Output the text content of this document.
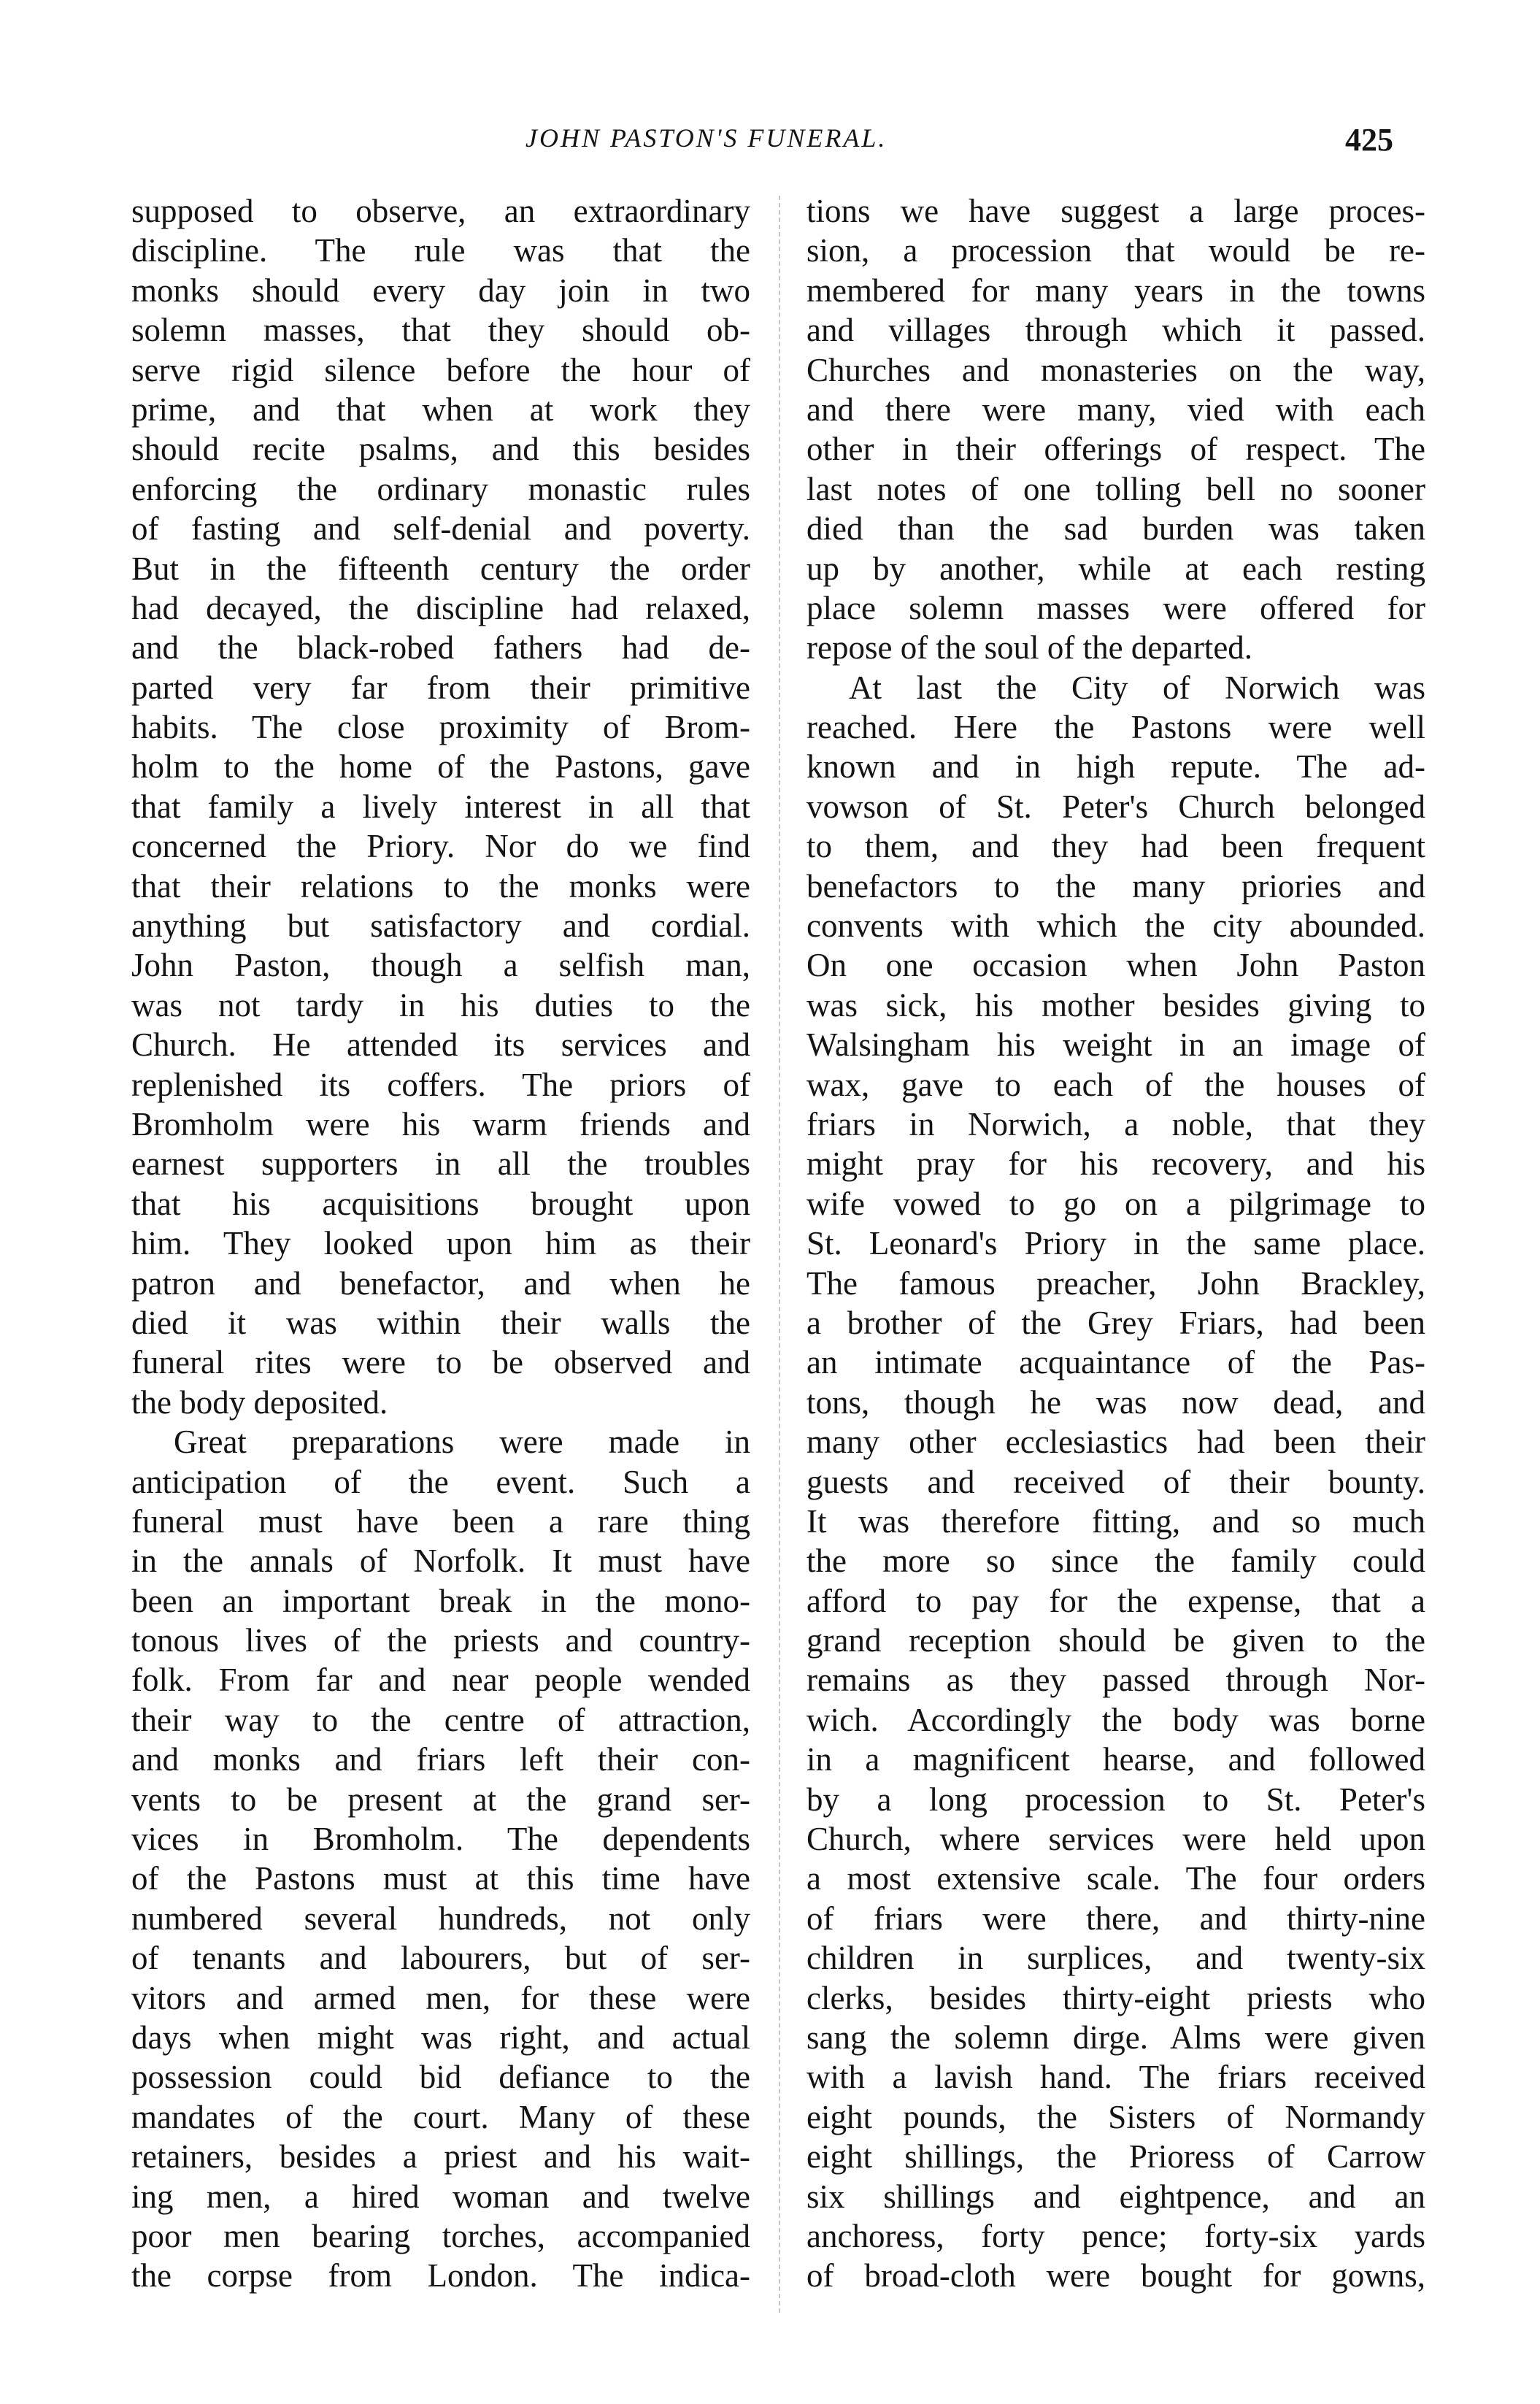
JOHN PASTON'S FUNERAL.	425
supposed to observe, an extraordinary
discipline. The rule was that the
monks should every day join in two
solemn masses, that they should ob-
serve rigid silence before the hour of
prime, and that when at work they
should recite psalms, and this besides
enforcing the ordinary monastic rules
of fasting and self-denial and poverty.
But in the fifteenth century the order
had decayed, the discipline had relaxed,
and the black-robed fathers had de-
parted very far from their primitive
habits. The close proximity of Brom-
holm to the home of the Pastons, gave
that family a lively interest in all that
concerned the Priory. Nor do we find
that their relations to the monks were
anything but satisfactory and cordial.
John Paston, though a selfish man,
was not tardy in his duties to the
Church. He attended its services and
replenished its coffers. The priors of
Bromholm were his warm friends and
earnest supporters in all the troubles
that his acquisitions brought upon
him. They looked upon him as their
patron and benefactor, and when he
died it was within their walls the
funeral rites were to be observed and
the body deposited.
Great preparations were made in
anticipation of the event. Such a
funeral must have been a rare thing
in the annals of Norfolk. It must have
been an important break in the mono-
tonous lives of the priests and country-
folk. From far and near people wended
their way to the centre of attraction,
and monks and friars left their con-
vents to be present at the grand ser-
vices in Bromholm. The dependents
of the Pastons must at this time have
numbered several hundreds, not only
of tenants and labourers, but of ser-
vitors and armed men, for these were
days when might was right, and actual
possession could bid defiance to the
mandates of the court. Many of these
retainers, besides a priest and his wait-
ing men, a hired woman and twelve
poor men bearing torches, accompanied
the corpse from London. The indica-
tions we have suggest a large proces-
sion, a procession that would be re-
membered for many years in the towns
and villages through which it passed.
Churches and monasteries on the way,
and there were many, vied with each
other in their offerings of respect. The
last notes of one tolling bell no sooner
died than the sad burden was taken
up by another, while at each resting
place solemn masses were offered for
repose of the soul of the departed.
At last the City of Norwich was
reached. Here the Pastons were well
known and in high repute. The ad-
vowson of St. Peter's Church belonged
to them, and they had been frequent
benefactors to the many priories and
convents with which the city abounded.
On one occasion when John Paston
was sick, his mother besides giving to
Walsingham his weight in an image of
wax, gave to each of the houses of
friars in Norwich, a noble, that they
might pray for his recovery, and his
wife vowed to go on a pilgrimage to
St. Leonard's Priory in the same place.
The famous preacher, John Brackley,
a brother of the Grey Friars, had been
an intimate acquaintance of the Pas-
tons, though he was now dead, and
many other ecclesiastics had been their
guests and received of their bounty.
It was therefore fitting, and so much
the more so since the family could
afford to pay for the expense, that a
grand reception should be given to the
remains as they passed through Nor-
wich. Accordingly the body was borne
in a magnificent hearse, and followed
by a long procession to St. Peter's
Church, where services were held upon
a most extensive scale. The four orders
of friars were there, and thirty-nine
children in surplices, and twenty-six
clerks, besides thirty-eight priests who
sang the solemn dirge. Alms were given
with a lavish hand. The friars received
eight pounds, the Sisters of Normandy
eight shillings, the Prioress of Carrow
six shillings and eightpence, and an
anchoress, forty pence; forty-six yards
of broad-cloth were bought for gowns,
